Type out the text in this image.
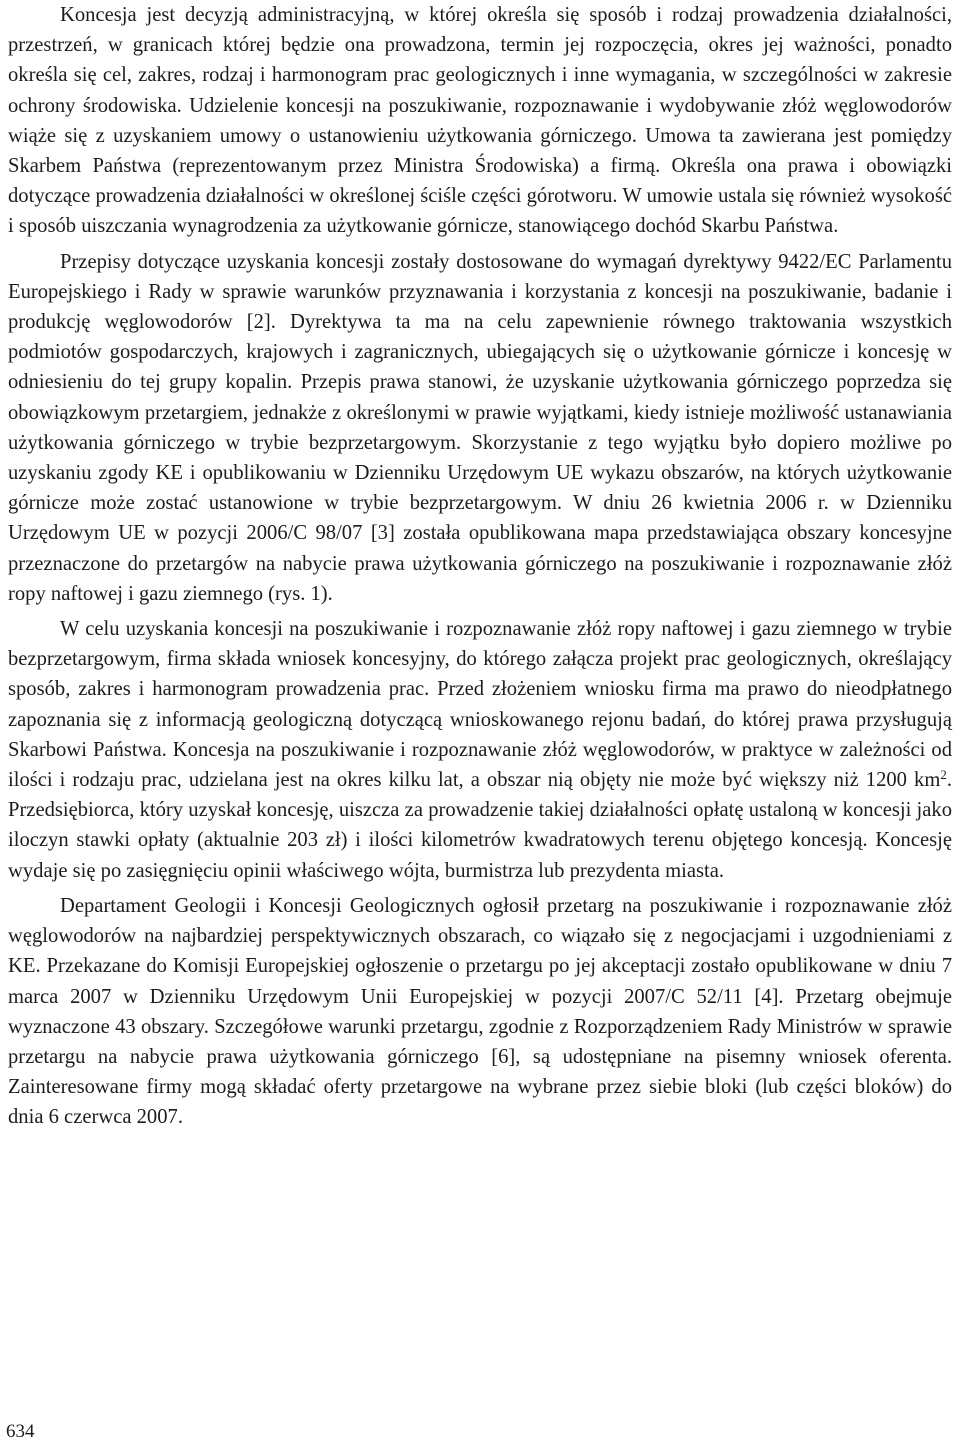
Koncesja jest decyzją administracyjną, w której określa się sposób i rodzaj prowadzenia działalności, przestrzeń, w granicach której będzie ona prowadzona, termin jej rozpoczęcia, okres jej ważności, ponadto określa się cel, zakres, rodzaj i harmonogram prac geologicznych i inne wymagania, w szczególności w zakresie ochrony środowiska. Udzielenie koncesji na poszukiwanie, rozpoznawanie i wydobywanie złóż węglowodorów wiąże się z uzyskaniem umowy o ustanowieniu użytkowania górniczego. Umowa ta zawierana jest pomiędzy Skarbem Państwa (reprezentowanym przez Ministra Środowiska) a firmą. Określa ona prawa i obowiązki dotyczące prowadzenia działalności w określonej ściśle części górotworu. W umowie ustala się również wysokość i sposób uiszczania wynagrodzenia za użytkowanie górnicze, stanowiącego dochód Skarbu Państwa.

Przepisy dotyczące uzyskania koncesji zostały dostosowane do wymagań dyrektywy 9422/EC Parlamentu Europejskiego i Rady w sprawie warunków przyznawania i korzystania z koncesji na poszukiwanie, badanie i produkcję węglowodorów [2]. Dyrektywa ta ma na celu zapewnienie równego traktowania wszystkich podmiotów gospodarczych, krajowych i zagranicznych, ubiegających się o użytkowanie górnicze i koncesję w odniesieniu do tej grupy kopalin. Przepis prawa stanowi, że uzyskanie użytkowania górniczego poprzedza się obowiązkowym przetargiem, jednakże z określonymi w prawie wyjątkami, kiedy istnieje możliwość ustanawiania użytkowania górniczego w trybie bezprzetargowym. Skorzystanie z tego wyjątku było dopiero możliwe po uzyskaniu zgody KE i opublikowaniu w Dzienniku Urzędowym UE wykazu obszarów, na których użytkowanie górnicze może zostać ustanowione w trybie bezprzetargowym. W dniu 26 kwietnia 2006 r. w Dzienniku Urzędowym UE w pozycji 2006/C 98/07 [3] została opublikowana mapa przedstawiająca obszary koncesyjne przeznaczone do przetargów na nabycie prawa użytkowania górniczego na poszukiwanie i rozpoznawanie złóż ropy naftowej i gazu ziemnego (rys. 1).

W celu uzyskania koncesji na poszukiwanie i rozpoznawanie złóż ropy naftowej i gazu ziemnego w trybie bezprzetargowym, firma składa wniosek koncesyjny, do którego załącza projekt prac geologicznych, określający sposób, zakres i harmonogram prowadzenia prac. Przed złożeniem wniosku firma ma prawo do nieodpłatnego zapoznania się z informacją geologiczną dotyczącą wnioskowanego rejonu badań, do której prawa przysługują Skarbowi Państwa. Koncesja na poszukiwanie i rozpoznawanie złóż węglowodorów, w praktyce w zależności od ilości i rodzaju prac, udzielana jest na okres kilku lat, a obszar nią objęty nie może być większy niż 1200 $km^2$. Przedsiębiorca, który uzyskał koncesję, uiszcza za prowadzenie takiej działalności opłatę ustaloną w koncesji jako iloczyn stawki opłaty (aktualnie 203 zł) i ilości kilometrów kwadratowych terenu objętego koncesją. Koncesję wydaje się po zasięgnięciu opinii właściwego wójta, burmistrza lub prezydenta miasta.

Departament Geologii i Koncesji Geologicznych ogłosił przetarg na poszukiwanie i rozpoznawanie złóż węglowodorów na najbardziej perspektywicznych obszarach, co wiązało się z negocjacjami i uzgodnieniami z KE. Przekazane do Komisji Europejskiej ogłoszenie o przetargu po jej akceptacji zostało opublikowane w dniu 7 marca 2007 w Dzienniku Urzędowym Unii Europejskiej w pozycji 2007/C 52/11 [4]. Przetarg obejmuje wyznaczone 43 obszary. Szczegółowe warunki przetargu, zgodnie z Rozporządzeniem Rady Ministrów w sprawie przetargu na nabycie prawa użytkowania górniczego [6], są udostępniane na pisemny wniosek oferenta. Zainteresowane firmy mogą składać oferty przetargowe na wybrane przez siebie bloki (lub części bloków) do dnia 6 czerwca 2007.

634
